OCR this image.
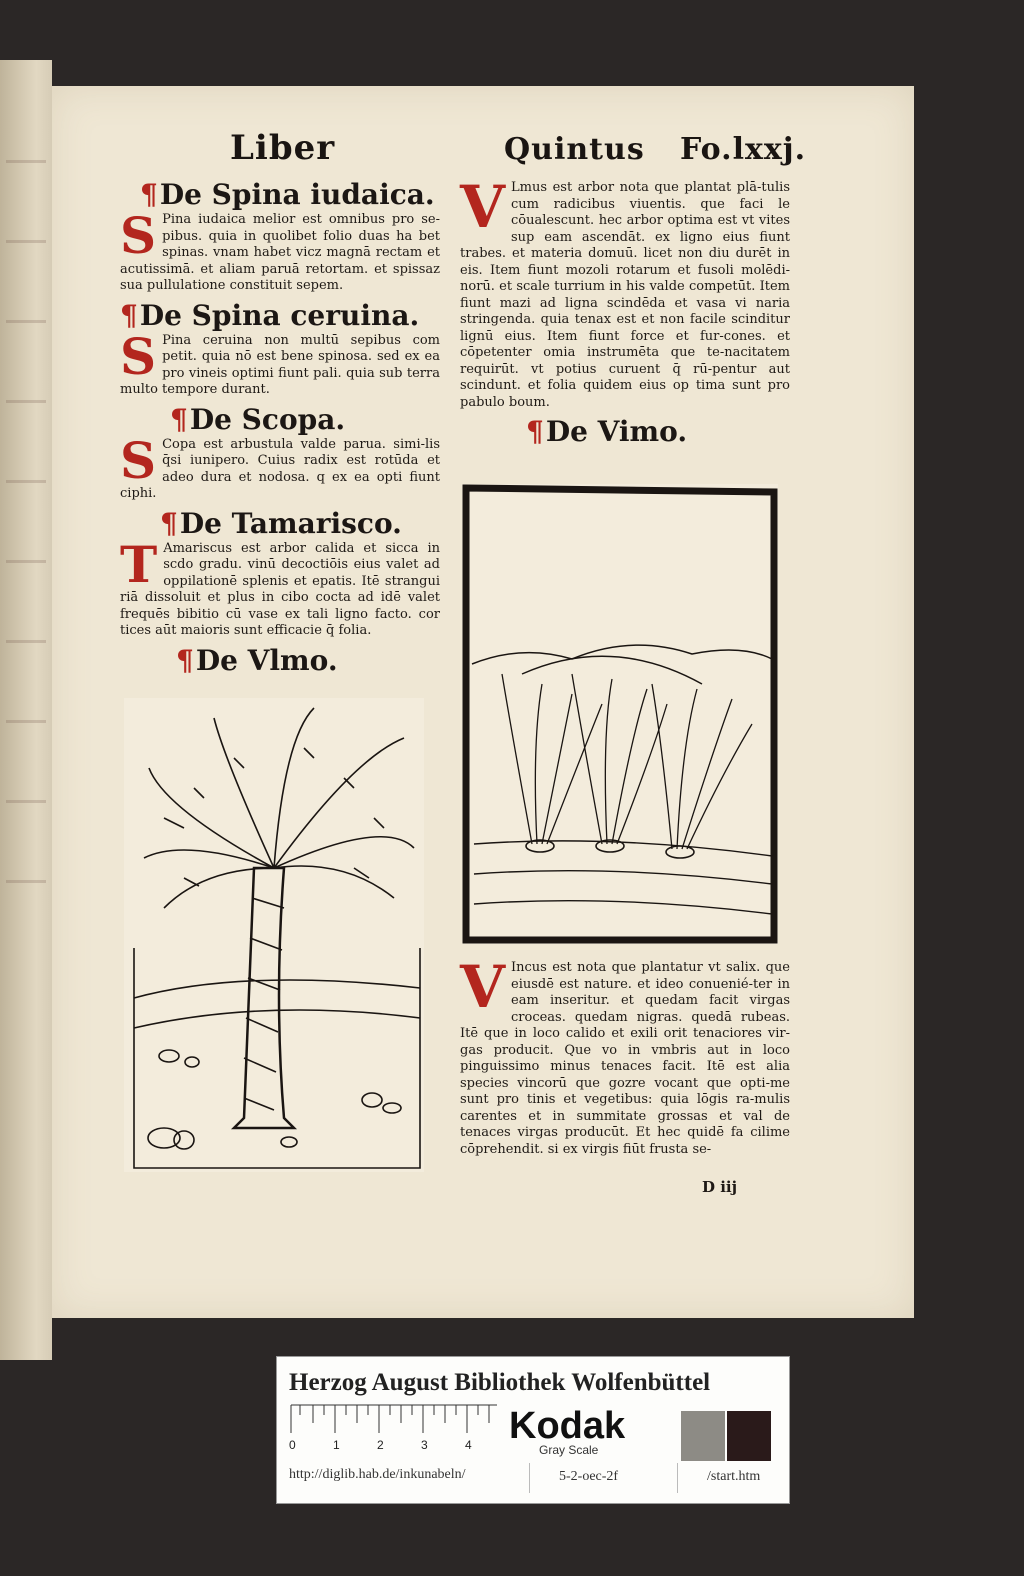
Liber	Quintus Fo.lxxj.

¶De Spina iudaica.

S Pina iudaica melior est omnibus pro se-pibus. quia in quolibet folio duas ha bet spinas. vnam habet vicz magnā rectam et acutissimā. et aliam paruā retortam. et spissaz sua pullulatione constituit sepem.

¶De Spina ceruina.

S Pina ceruina non multū sepibus com petit. quia nō est bene spinosa. sed ex ea pro vineis optimi fiunt pali. quia sub terra multo tempore durant.

¶De Scopa.

S Copa est arbustula valde parua. simi-lis q̄si iunipero. Cuius radix est rotūda et adeo dura et nodosa. q ex ea opti fiunt ciphi.

¶De Tamarisco.

T Amariscus est arbor calida et sicca in scdo gradu. vinū decoctiōis eius valet ad oppilationē splenis et epatis. Itē strangui riā dissoluit et plus in cibo cocta ad idē valet frequēs bibitio cū vase ex tali ligno facto. cor tices aūt maioris sunt efficacie q̄ folia.

¶De Vlmo.

V Lmus est arbor nota que plantat plā-tulis cum radicibus viuentis. que faci le cōualescunt. hec arbor optima est vt vites sup eam ascendāt. ex ligno eius fiunt trabes. et materia domuū. licet non diu durēt in eis. Item fiunt mozoli rotarum et fusoli molēdi-norū. et scale turrium in his valde competūt. Item fiunt mazi ad ligna scindēda et vasa vi naria stringenda. quia tenax est et non facile scinditur lignū eius. Item fiunt force et fur-cones. et cōpetenter omia instrumēta que te-nacitatem requirūt. vt potius curuent q̄ rū-pentur aut scindunt. et folia quidem eius op tima sunt pro pabulo boum.

¶De Vimo.

V Incus est nota que plantatur vt salix. que eiusdē est nature. et ideo conuenié-ter in eam inseritur. et quedam facit virgas croceas. quedam nigras. quedā rubeas. Itē que in loco calido et exili orit tenaciores vir-gas producit. Que vo in vmbris aut in loco pinguissimo minus tenaces facit. Itē est alia species vincorū que gozre vocant que opti-me sunt pro tinis et vegetibus: quia lōgis ra-mulis carentes et in summitate grossas et val de tenaces virgas producūt. Et hec quidē fa cilime cōprehendit. si ex virgis fiūt frusta se-
D iij
Herzog August Bibliothek Wolfenbüttel
0	1	2	3	4 Kodak
Gray Scale
http://diglib.hab.de/inkunabeln/	5-2-oec-2f	/start.htm
